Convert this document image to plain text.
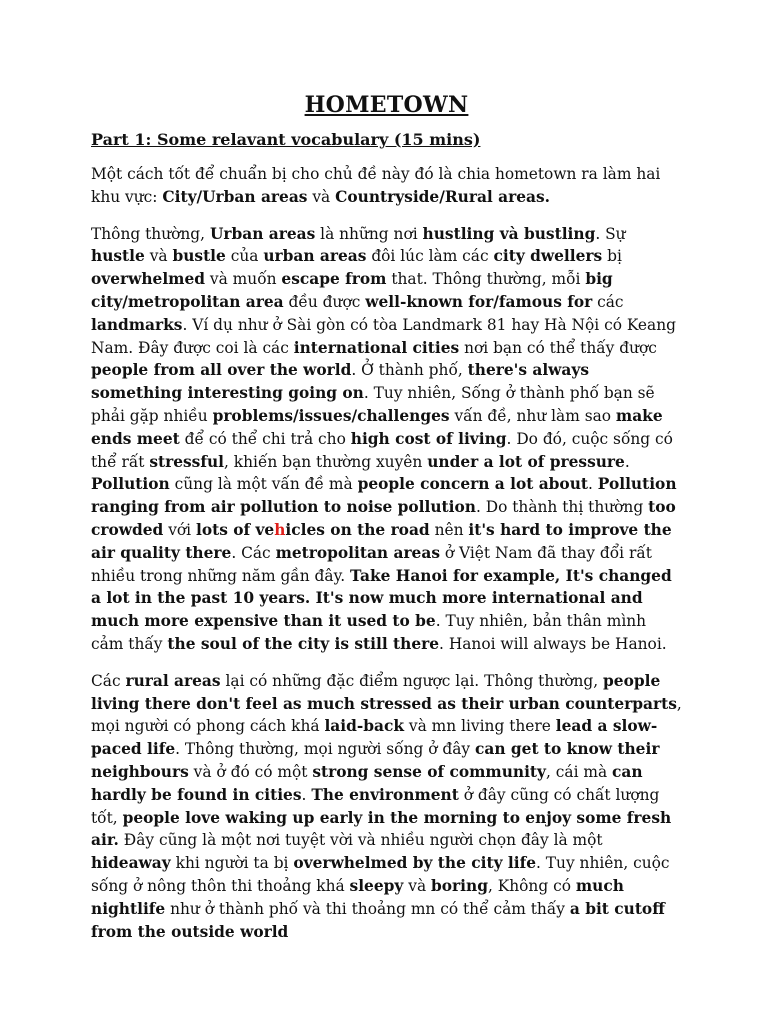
HOMETOWN
Part 1: Some relavant vocabulary (15 mins)

Một cách tốt để chuẩn bị cho chủ đề này đó là chia hometown ra làm hai khu vực: City/Urban areas và Countryside/Rural areas.

Thông thường, Urban areas là những nơi hustling và bustling. Sự hustle và bustle của urban areas đôi lúc làm các city dwellers bị overwhelmed và muốn escape from that. Thông thường, mỗi big city/metropolitan area đều được well-known for/famous for các landmarks. Ví dụ như ở Sài gòn có tòa Landmark 81 hay Hà Nội có Keang Nam. Đây được coi là các international cities nơi bạn có thể thấy được people from all over the world. Ở thành phố, there's always something interesting going on. Tuy nhiên, Sống ở thành phố bạn sẽ phải gặp nhiều problems/issues/challenges vấn đề, như làm sao make ends meet để có thể chi trả cho high cost of living. Do đó, cuộc sống có thể rất stressful, khiến bạn thường xuyên under a lot of pressure. Pollution cũng là một vấn đề mà people concern a lot about. Pollution ranging from air pollution to noise pollution. Do thành thị thường too crowded với lots of vehicles on the road nên it's hard to improve the air quality there. Các metropolitan areas ở Việt Nam đã thay đổi rất nhiều trong những năm gần đây. Take Hanoi for example, It's changed a lot in the past 10 years. It's now much more international and much more expensive than it used to be. Tuy nhiên, bản thân mình cảm thấy the soul of the city is still there. Hanoi will always be Hanoi.

Các rural areas lại có những đặc điểm ngược lại. Thông thường, people living there don't feel as much stressed as their urban counterparts, mọi người có phong cách khá laid-back và mn living there lead a slow-paced life. Thông thường, mọi người sống ở đây can get to know their neighbours và ở đó có một strong sense of community, cái mà can hardly be found in cities. The environment ở đây cũng có chất lượng tốt, people love waking up early in the morning to enjoy some fresh air. Đây cũng là một nơi tuyệt vời và nhiều người chọn đây là một hideaway khi người ta bị overwhelmed by the city life. Tuy nhiên, cuộc sống ở nông thôn thi thoảng khá sleepy và boring, Không có much nightlife như ở thành phố và thi thoảng mn có thể cảm thấy a bit cutoff from the outside world
